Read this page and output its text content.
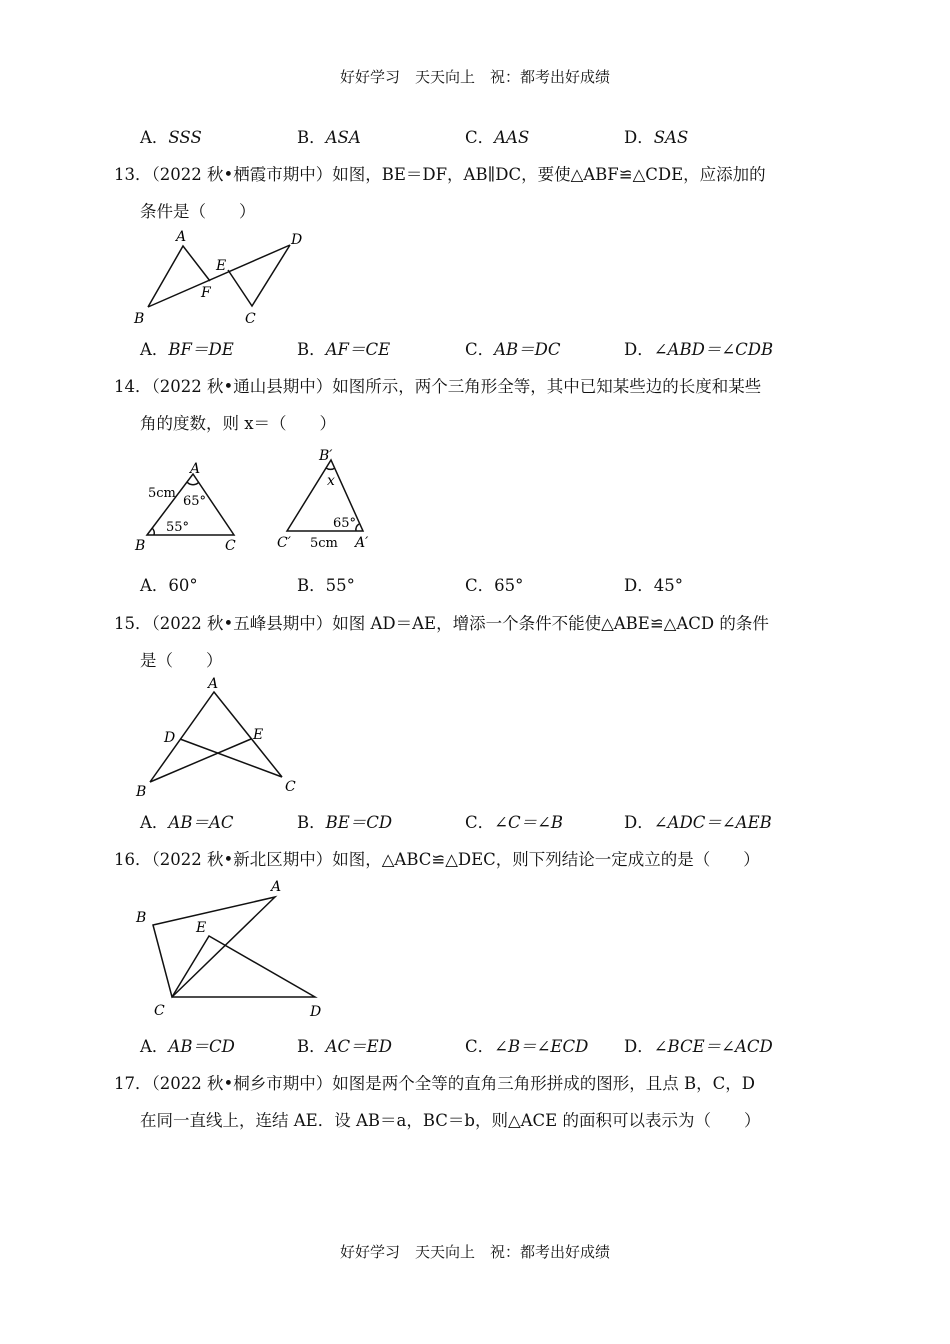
好好学习　天天向上　祝：都考出好成绩
A．SSS	B．ASA	C．AAS	D．SAS
13．（2022 秋•栖霞市期中）如图，BE＝DF，AB∥DC，要使△ABF≌△CDE，应添加的
条件是（　　）
A
B	C
D
E
F
A．BF＝DE	B．AF＝CE	C．AB＝DC	D．∠ABD＝∠CDB
14．（2022 秋•通山县期中）如图所示，两个三角形全等，其中已知某些边的长度和某些
角的度数，则 x＝（　　）
A
B	C
5cm
65°
55°
B′
x
65°
C′ 5cm A′
A．60°	B．55°	C．65°	D．45°
15．（2022 秋•五峰县期中）如图 AD＝AE，增添一个条件不能使△ABE≌△ACD 的条件
是（　　）
A
B	C
D	E
A．AB＝AC	B．BE＝CD	C．∠C＝∠B	D．∠ADC＝∠AEB
16．（2022 秋•新北区期中）如图，△ABC≌△DEC，则下列结论一定成立的是（　　）
A
B
C	D
E
A．AB＝CD	B．AC＝ED	C．∠B＝∠ECD D．∠BCE＝∠ACD
17．（2022 秋•桐乡市期中）如图是两个全等的直角三角形拼成的图形，且点 B，C，D
在同一直线上，连结 AE．设 AB＝a，BC＝b，则△ACE 的面积可以表示为（　　）
好好学习　天天向上　祝：都考出好成绩
